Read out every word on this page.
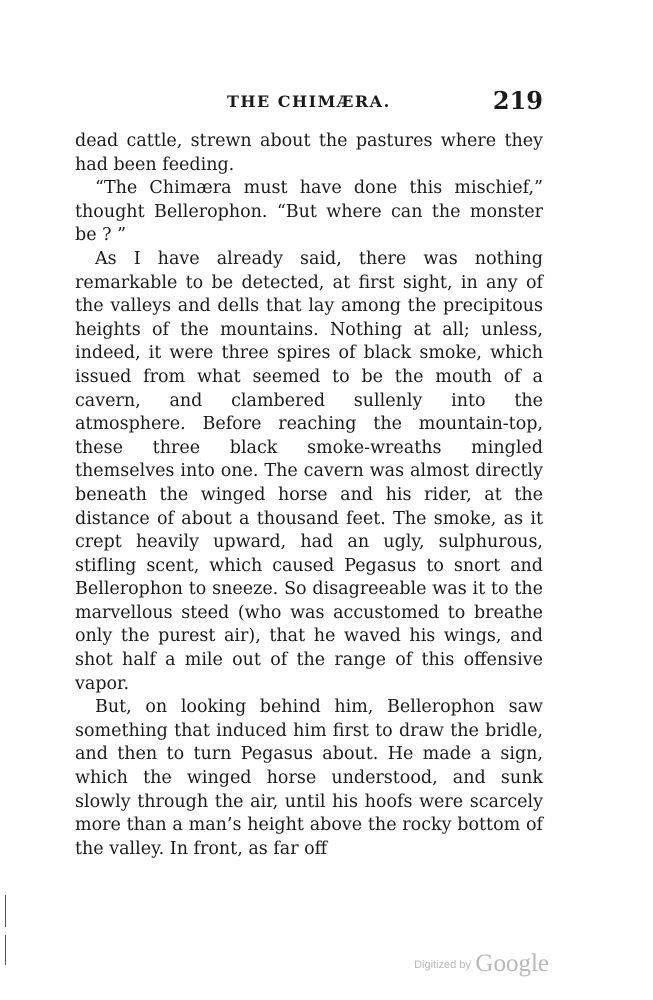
THE CHIMÆRA.	219

dead cattle, strewn about the pastures where they had been feeding.

“The Chimæra must have done this mischief,” thought Bellerophon. “But where can the monster be ? ”

As I have already said, there was nothing remarkable to be detected, at first sight, in any of the valleys and dells that lay among the precipitous heights of the mountains. Nothing at all; unless, indeed, it were three spires of black smoke, which issued from what seemed to be the mouth of a cavern, and clambered sullenly into the atmosphere. Before reaching the mountain-top, these three black smoke-wreaths mingled themselves into one. The cavern was almost directly beneath the winged horse and his rider, at the distance of about a thousand feet. The smoke, as it crept heavily upward, had an ugly, sulphurous, stifling scent, which caused Pegasus to snort and Bellerophon to sneeze. So disagreeable was it to the marvellous steed (who was accustomed to breathe only the purest air), that he waved his wings, and shot half a mile out of the range of this offensive vapor.

But, on looking behind him, Bellerophon saw something that induced him first to draw the bridle, and then to turn Pegasus about. He made a sign, which the winged horse understood, and sunk slowly through the air, until his hoofs were scarcely more than a man’s height above the rocky bottom of the valley. In front, as far off

Digitized by Google
